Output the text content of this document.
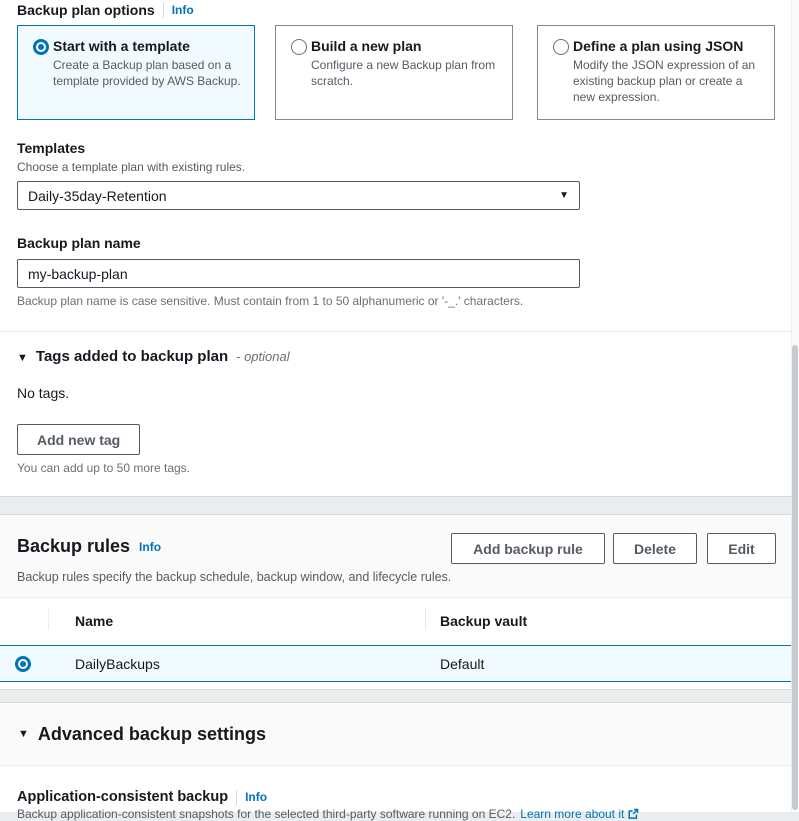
Backup plan options Info
Start with a template
Create a Backup plan based on a template provided by AWS Backup.
Build a new plan
Configure a new Backup plan from scratch.
Define a plan using JSON
Modify the JSON expression of an existing backup plan or create a new expression.
Templates
Choose a template plan with existing rules.
Daily-35day-Retention	▼
Backup plan name
my-backup-plan
Backup plan name is case sensitive. Must contain from 1 to 50 alphanumeric or '-_.' characters.
▼ Tags added to backup plan - optional
No tags.
Add new tag
You can add up to 50 more tags.
Backup rules Info	Add backup rule	Delete	Edit
Backup rules specify the backup schedule, backup window, and lifecycle rules.
Name	Backup vault
DailyBackups	Default
▼ Advanced backup settings
Application-consistent backup Info
Backup application-consistent snapshots for the selected third-party software running on EC2. Learn more about it
